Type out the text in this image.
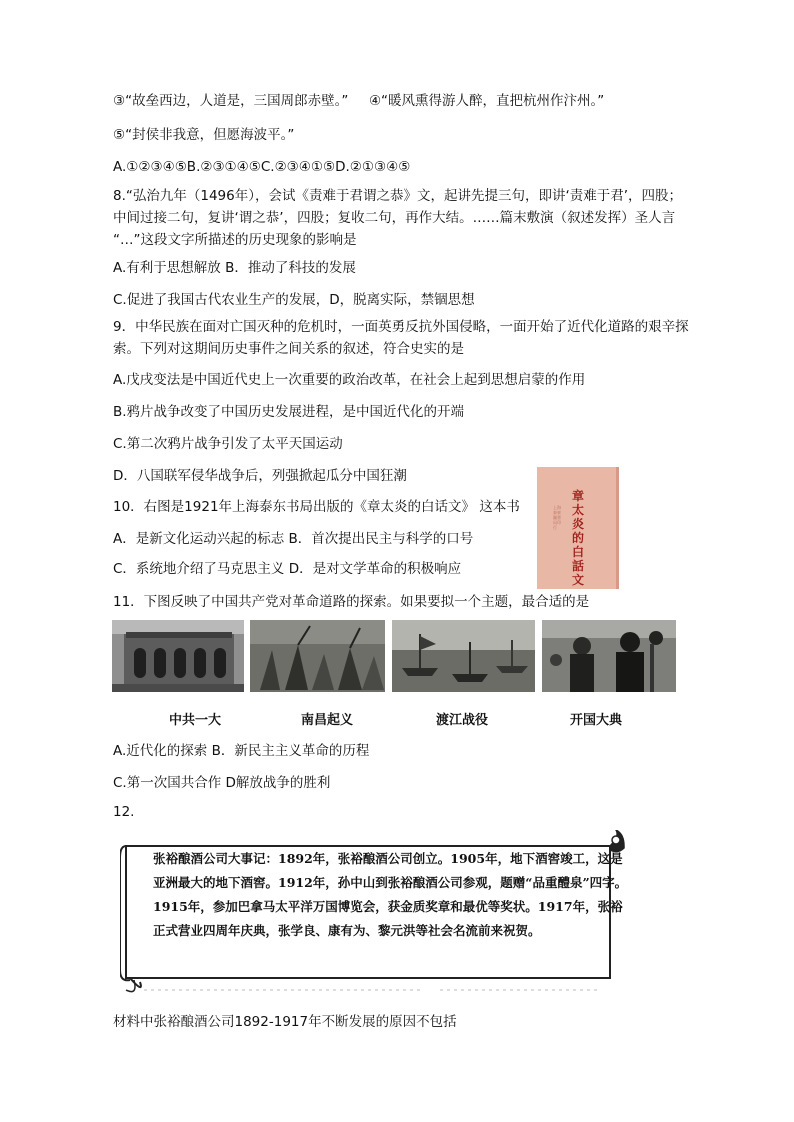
③“故垒西边，人道是，三国周郎赤壁。” ④“暖风熏得游人醉，直把杭州作汴州。”
⑤“封侯非我意，但愿海波平。”
A.①②③④⑤B.②③①④⑤C.②③④①⑤D.②①③④⑤
8.“弘治九年（1496年），会试《责难于君谓之恭》文，起讲先提三句，即讲‘责难于君’，四股；中间过接二句，复讲‘谓之恭’，四股；复收二句，再作大结。……篇末敷演（叙述发挥）圣人言 “…”这段文字所描述的历史现象的影响是
A.有利于思想解放 B．推动了科技的发展
C.促进了我国古代农业生产的发展，D，脱离实际，禁锢思想
9．中华民族在面对亡国灭种的危机时，一面英勇反抗外国侵略，一面开始了近代化道路的艰辛探索。下列对这期间历史事件之间关系的叙述，符合史实的是
A.戊戌变法是中国近代史上一次重要的政治改革，在社会上起到思想启蒙的作用
B.鸦片战争改变了中国历史发展进程，是中国近代化的开端
C.第二次鸦片战争引发了太平天国运动
D．八国联军侵华战争后，列强掀起瓜分中国狂潮
10．右图是1921年上海泰东书局出版的《章太炎的白话文》 这本书
A．是新文化运动兴起的标志 B．首次提出民主与科学的口号
C．系统地介绍了马克思主义 D．是对文学革命的积极响应
上海泰東圖書局印行
章太炎的白話文
11．下图反映了中国共产党对革命道路的探索。如果要拟一个主题，最合适的是
中共一大	南昌起义	渡江战役	开国大典
A.近代化的探索 B．新民主主义革命的历程
C.第一次国共合作 D解放战争的胜利
12.
张裕酿酒公司大事记：1892年，张裕酿酒公司创立。1905年，地下酒窖竣工，这是亚洲最大的地下酒窖。1912年，孙中山到张裕酿酒公司参观，题赠“品重醴泉”四字。1915年，参加巴拿马太平洋万国博览会，获金质奖章和最优等奖状。1917年，张裕正式营业四周年庆典，张学良、康有为、黎元洪等社会名流前来祝贺。
材料中张裕酿酒公司1892-1917年不断发展的原因不包括
